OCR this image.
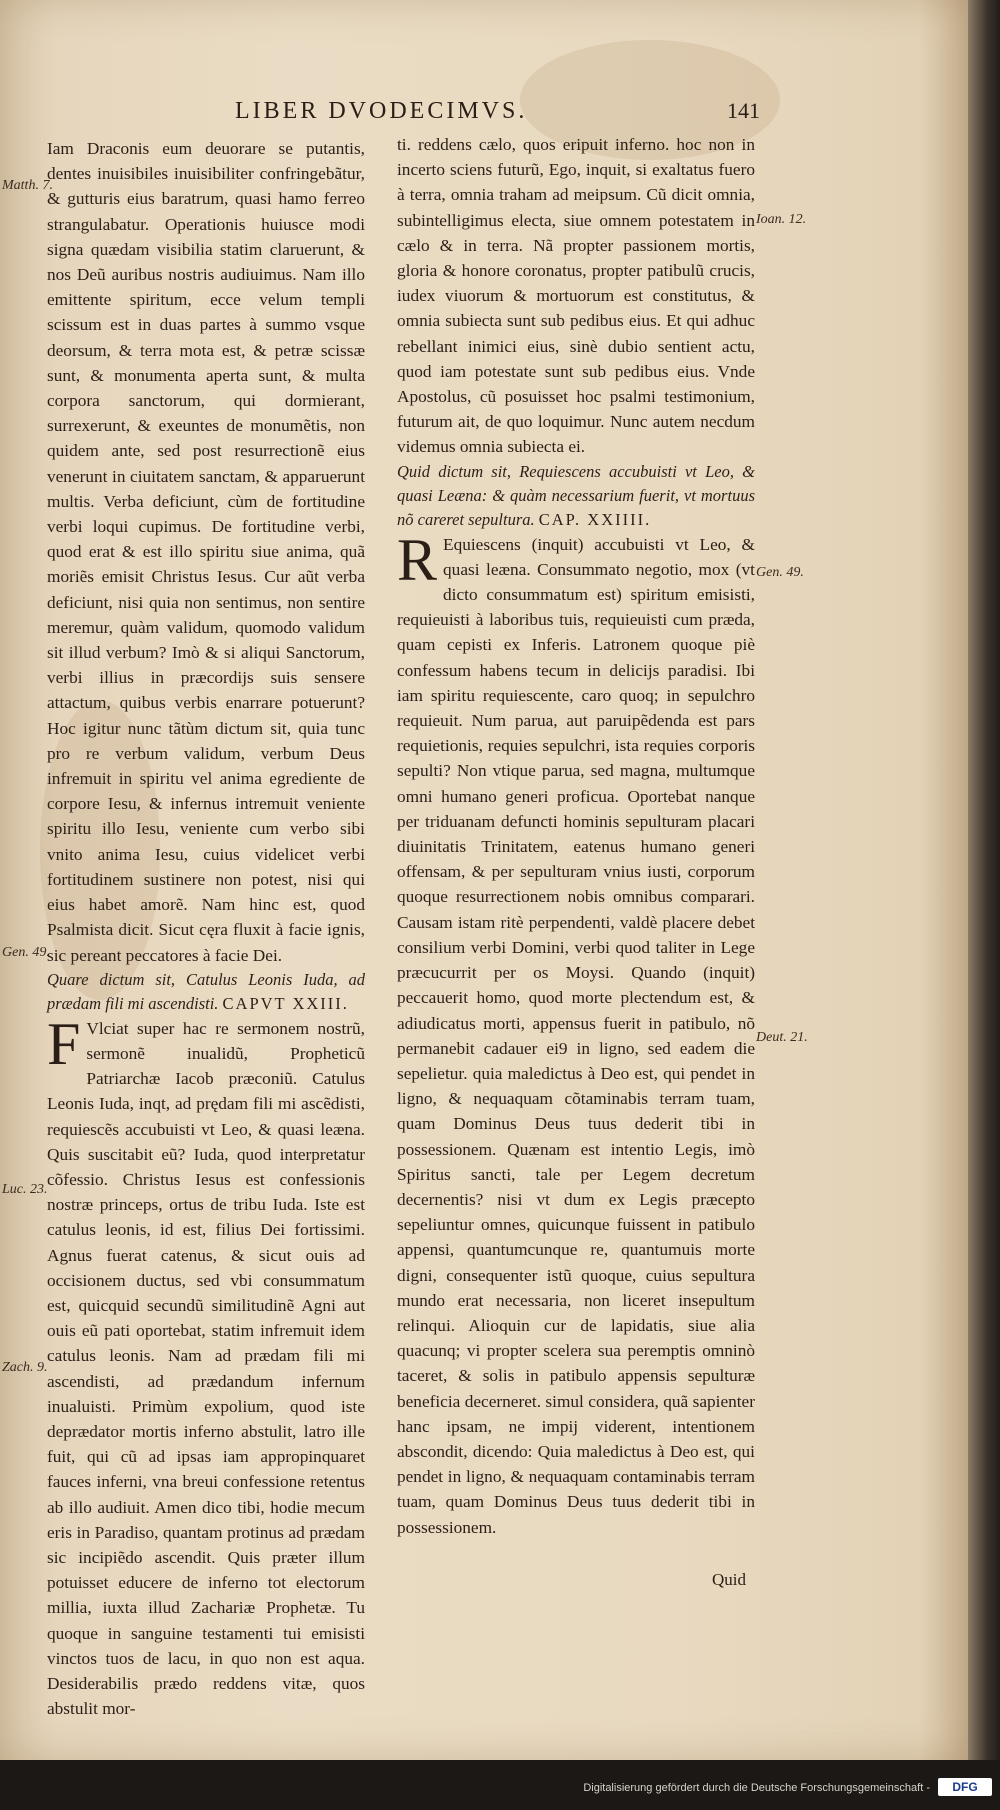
LIBER DVODECIMVS.	141
Matth. 7.
Gen. 49.
Luc. 23.
Zach. 9.
Ioan. 12.
Gen. 49.
Deut. 21.

Iam Draconis eum deuorare se putantis, dentes inuisibiles inuisibiliter confringebãtur, & gutturis eius baratrum, quasi hamo ferreo strangulabatur. Operationis huiusce modi signa quædam visibilia statim claruerunt, & nos Deũ auribus nostris audiuimus. Nam illo emittente spiritum, ecce velum templi scissum est in duas partes à summo vsque deorsum, & terra mota est, & petræ scissæ sunt, & monumenta aperta sunt, & multa corpora sanctorum, qui dormierant, surrexerunt, & exeuntes de monumẽtis, non quidem ante, sed post resurrectionẽ eius venerunt in ciuitatem sanctam, & apparuerunt multis. Verba deficiunt, cùm de fortitudine verbi loqui cupimus. De fortitudine verbi, quod erat & est illo spiritu siue anima, quã moriẽs emisit Christus Iesus. Cur aũt verba deficiunt, nisi quia non sentimus, non sentire meremur, quàm validum, quomodo validum sit illud verbum? Imò & si aliqui Sanctorum, verbi illius in præcordijs suis sensere attactum, quibus verbis enarrare potuerunt? Hoc igitur nunc tãtùm dictum sit, quia tunc pro re verbum validum, verbum Deus infremuit in spiritu vel anima egrediente de corpore Iesu, & infernus intremuit veniente spiritu illo Iesu, veniente cum verbo sibi vnito anima Iesu, cuius videlicet verbi fortitudinem sustinere non potest, nisi qui eius habet amorẽ. Nam hinc est, quod Psalmista dicit. Sicut cęra fluxit à facie ignis, sic pereant peccatores à facie Dei.

Quare dictum sit, Catulus Leonis Iuda, ad prædam fili mi ascendisti. CAPVT XXIII.

F Vlciat super hac re sermonem nostrũ, sermonẽ inualidũ, Propheticũ Patriarchæ Iacob præconiũ. Catulus Leonis Iuda, inqt, ad prędam fili mi ascẽdisti, requiescẽs accubuisti vt Leo, & quasi leæna. Quis suscitabit eũ? Iuda, quod interpretatur cõfessio. Christus Iesus est confessionis nostræ princeps, ortus de tribu Iuda. Iste est catulus leonis, id est, filius Dei fortissimi. Agnus fuerat catenus, & sicut ouis ad occisionem ductus, sed vbi consummatum est, quicquid secundũ similitudinẽ Agni aut ouis eũ pati oportebat, statim infremuit idem catulus leonis. Nam ad prædam fili mi ascendisti, ad prædandum infernum inualuisti. Primùm expolium, quod iste deprædator mortis inferno abstulit, latro ille fuit, qui cũ ad ipsas iam appropinquaret fauces inferni, vna breui confessione retentus ab illo audiuit. Amen dico tibi, hodie mecum eris in Paradiso, quantam protinus ad prædam sic incipiẽdo ascendit. Quis præter illum potuisset educere de inferno tot electorum millia, iuxta illud Zachariæ Prophetæ. Tu quoque in sanguine testamenti tui emisisti vinctos tuos de lacu, in quo non est aqua. Desiderabilis prædo reddens vitæ, quos abstulit mor-

ti. reddens cælo, quos eripuit inferno. hoc non in incerto sciens futurũ, Ego, inquit, si exaltatus fuero à terra, omnia traham ad meipsum. Cũ dicit omnia, subintelligimus electa, siue omnem potestatem in cælo & in terra. Nã propter passionem mortis, gloria & honore coronatus, propter patibulũ crucis, iudex viuorum & mortuorum est constitutus, & omnia subiecta sunt sub pedibus eius. Et qui adhuc rebellant inimici eius, sinè dubio sentient actu, quod iam potestate sunt sub pedibus eius. Vnde Apostolus, cũ posuisset hoc psalmi testimonium, futurum ait, de quo loquimur. Nunc autem necdum videmus omnia subiecta ei.

Quid dictum sit, Requiescens accubuisti vt Leo, & quasi Leæna: & quàm necessarium fuerit, vt mortuus nõ careret sepultura. CAP. XXIIII.

R Equiescens (inquit) accubuisti vt Leo, & quasi leæna. Consummato negotio, mox (vt dicto consummatum est) spiritum emisisti, requieuisti à laboribus tuis, requieuisti cum præda, quam cepisti ex Inferis. Latronem quoque piè confessum habens tecum in delicijs paradisi. Ibi iam spiritu requiescente, caro quoq; in sepulchro requieuit. Num parua, aut paruipẽdenda est pars requietionis, requies sepulchri, ista requies corporis sepulti? Non vtique parua, sed magna, multumque omni humano generi proficua. Oportebat nanque per triduanam defuncti hominis sepulturam placari diuinitatis Trinitatem, eatenus humano generi offensam, & per sepulturam vnius iusti, corporum quoque resurrectionem nobis omnibus comparari. Causam istam ritè perpendenti, valdè placere debet consilium verbi Domini, verbi quod taliter in Lege præcucurrit per os Moysi. Quando (inquit) peccauerit homo, quod morte plectendum est, & adiudicatus morti, appensus fuerit in patibulo, nõ permanebit cadauer ei9 in ligno, sed eadem die sepelietur. quia maledictus à Deo est, qui pendet in ligno, & nequaquam cõtaminabis terram tuam, quam Dominus Deus tuus dederit tibi in possessionem. Quænam est intentio Legis, imò Spiritus sancti, tale per Legem decretum decernentis? nisi vt dum ex Legis præcepto sepeliuntur omnes, quicunque fuissent in patibulo appensi, quantumcunque re, quantumuis morte digni, consequenter istũ quoque, cuius sepultura mundo erat necessaria, non liceret insepultum relinqui. Alioquin cur de lapidatis, siue alia quacunq; vi propter scelera sua peremptis omninò taceret, & solis in patibulo appensis sepulturæ beneficia decerneret. simul considera, quã sapienter hanc ipsam, ne impij viderent, intentionem abscondit, dicendo: Quia maledictus à Deo est, qui pendet in ligno, & nequaquam contaminabis terram tuam, quam Dominus Deus tuus dederit tibi in possessionem.

Quid
Digitalisierung gefördert durch die Deutsche Forschungsgemeinschaft -	DFG
